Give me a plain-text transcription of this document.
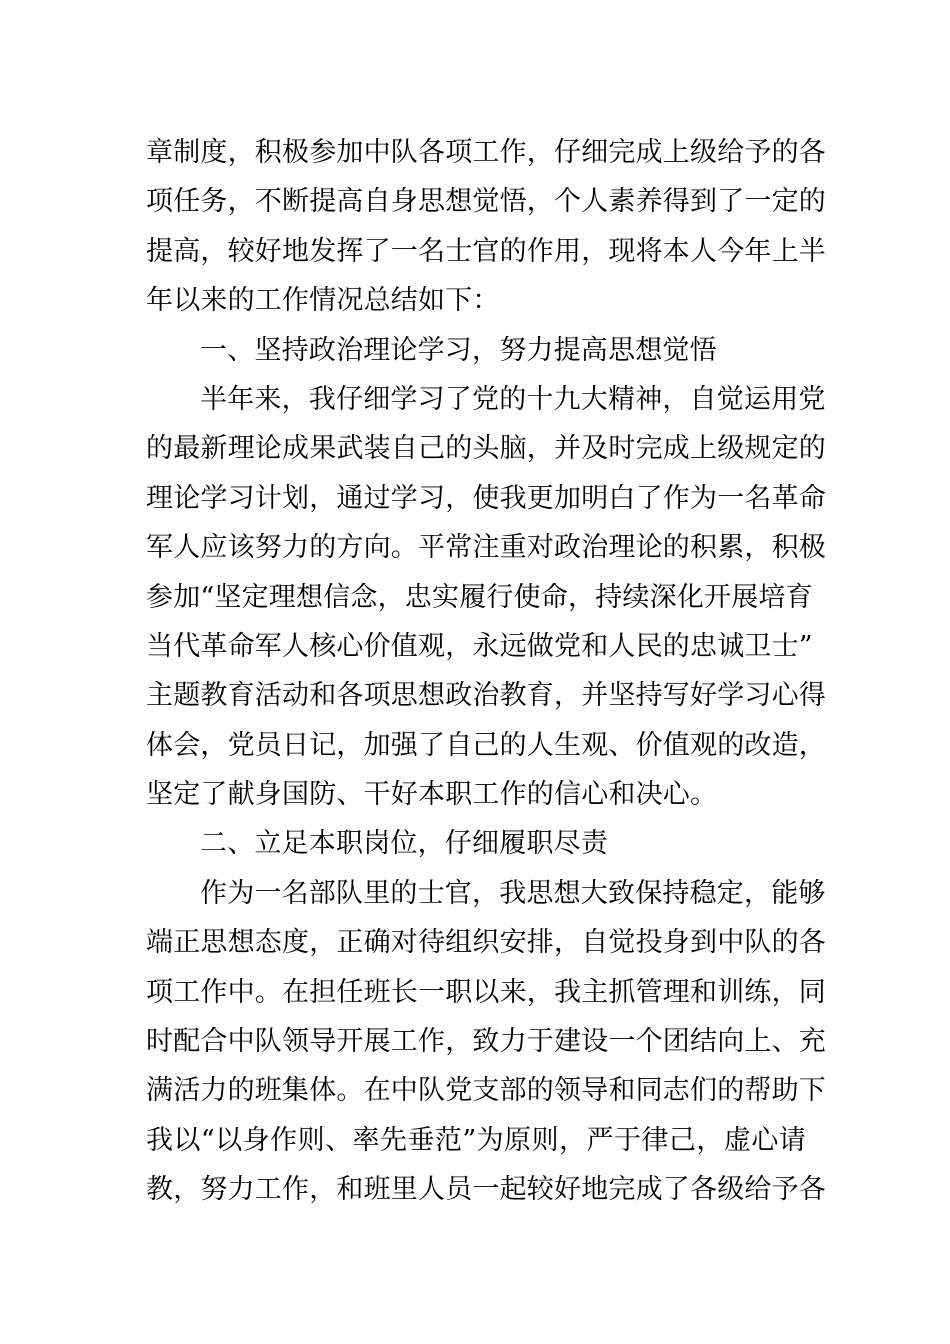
章制度，积极参加中队各项工作，仔细完成上级给予的各
项任务，不断提高自身思想觉悟，个人素养得到了一定的
提高，较好地发挥了一名士官的作用，现将本人今年上半
年以来的工作情况总结如下：
一、坚持政治理论学习，努力提高思想觉悟
半年来，我仔细学习了党的十九大精神，自觉运用党
的最新理论成果武装自己的头脑，并及时完成上级规定的
理论学习计划，通过学习，使我更加明白了作为一名革命
军人应该努力的方向。平常注重对政治理论的积累，积极
参加“坚定理想信念，忠实履行使命，持续深化开展培育
当代革命军人核心价值观，永远做党和人民的忠诚卫士”
主题教育活动和各项思想政治教育，并坚持写好学习心得
体会，党员日记，加强了自己的人生观、价值观的改造，
坚定了献身国防、干好本职工作的信心和决心。
二、立足本职岗位，仔细履职尽责
作为一名部队里的士官，我思想大致保持稳定，能够
端正思想态度，正确对待组织安排，自觉投身到中队的各
项工作中。在担任班长一职以来，我主抓管理和训练，同
时配合中队领导开展工作，致力于建设一个团结向上、充
满活力的班集体。在中队党支部的领导和同志们的帮助下
我以“以身作则、率先垂范”为原则，严于律己，虚心请
教，努力工作，和班里人员一起较好地完成了各级给予各
